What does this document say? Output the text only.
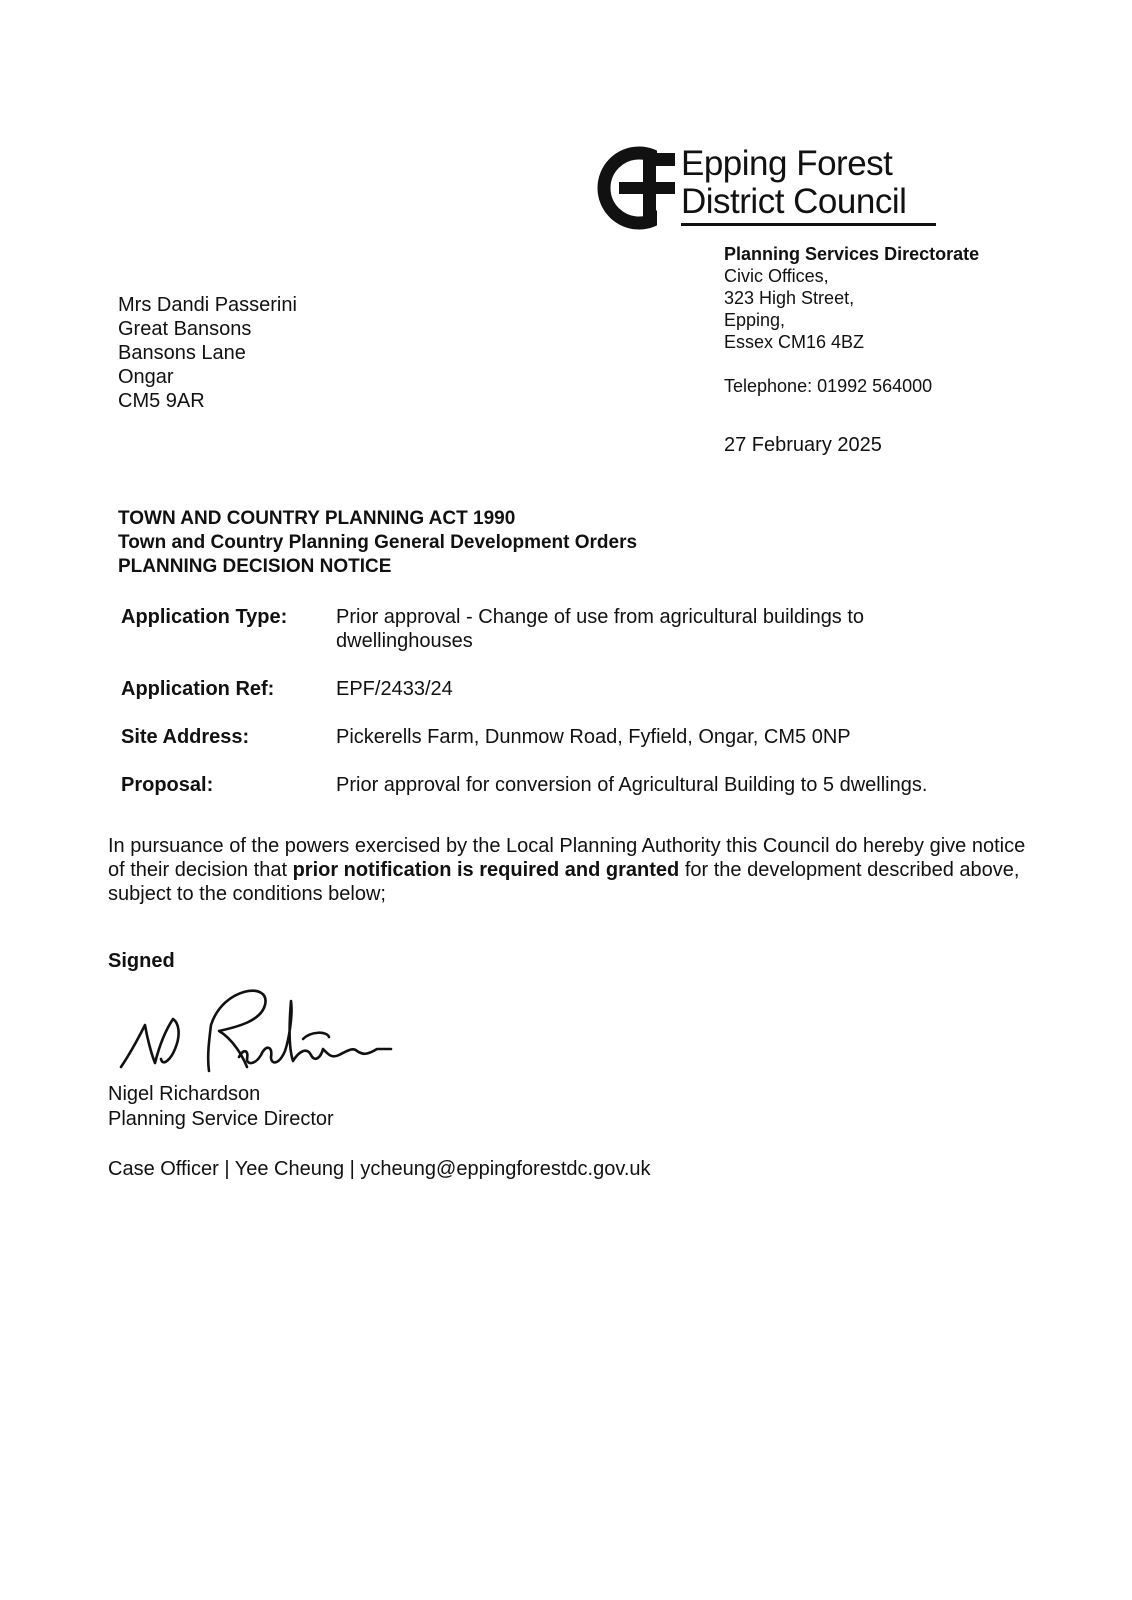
Epping Forest
District Council
Planning Services Directorate
Civic Offices,
323 High Street,
Epping,
Essex CM16 4BZ
Telephone: 01992 564000
Mrs Dandi Passerini
Great Bansons
Bansons Lane
Ongar
CM5 9AR
27 February 2025
TOWN AND COUNTRY PLANNING ACT 1990
Town and Country Planning General Development Orders
PLANNING DECISION NOTICE
Application Type:	Prior approval - Change of use from agricultural buildings to dwellinghouses
Application Ref:	EPF/2433/24
Site Address:	Pickerells Farm, Dunmow Road, Fyfield, Ongar, CM5 0NP
Proposal:	Prior approval for conversion of Agricultural Building to 5 dwellings.
In pursuance of the powers exercised by the Local Planning Authority this Council do hereby give notice of their decision that prior notification is required and granted for the development described above, subject to the conditions below;
Signed
Nigel Richardson
Planning Service Director
Case Officer | Yee Cheung | ycheung@eppingforestdc.gov.uk
